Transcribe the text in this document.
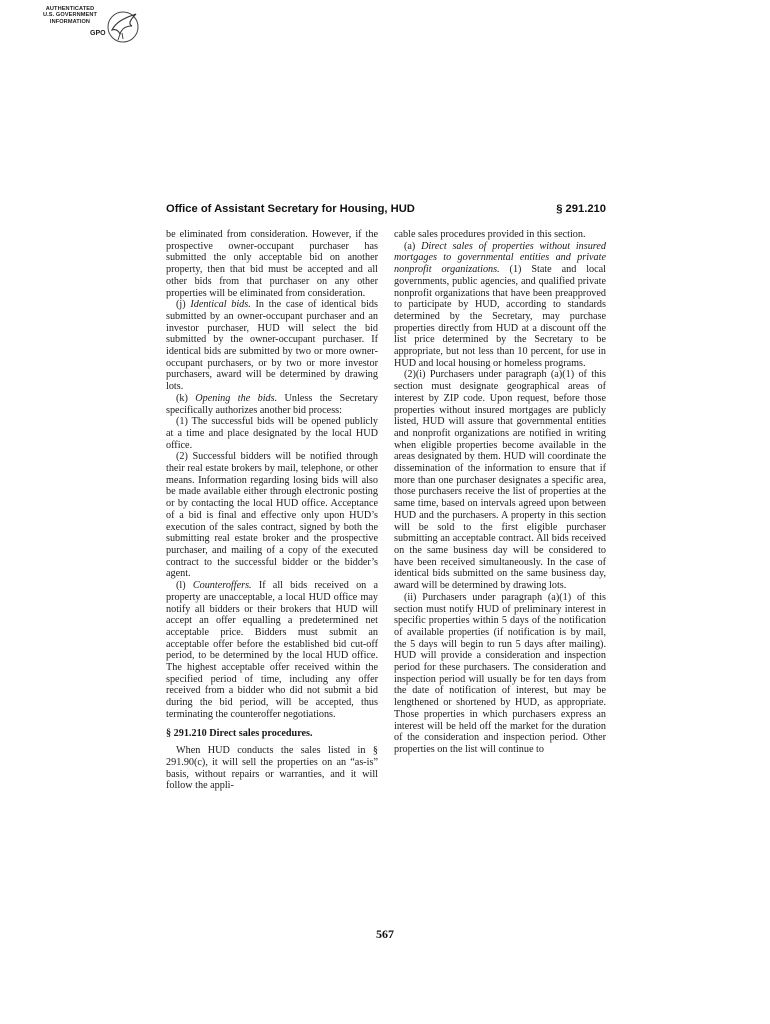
AUTHENTICATED
U.S. GOVERNMENT
INFORMATION
GPO
Office of Assistant Secretary for Housing, HUD	§ 291.210

be eliminated from consideration. However, if the prospective owner-occupant purchaser has submitted the only acceptable bid on another property, then that bid must be accepted and all other bids from that purchaser on any other properties will be eliminated from consideration.

(j) Identical bids. In the case of identical bids submitted by an owner-occupant purchaser and an investor purchaser, HUD will select the bid submitted by the owner-occupant purchaser. If identical bids are submitted by two or more owner-occupant purchasers, or by two or more investor purchasers, award will be determined by drawing lots.

(k) Opening the bids. Unless the Secretary specifically authorizes another bid process:

(1) The successful bids will be opened publicly at a time and place designated by the local HUD office.

(2) Successful bidders will be notified through their real estate brokers by mail, telephone, or other means. Information regarding losing bids will also be made available either through electronic posting or by contacting the local HUD office. Acceptance of a bid is final and effective only upon HUD’s execution of the sales contract, signed by both the submitting real estate broker and the prospective purchaser, and mailing of a copy of the executed contract to the successful bidder or the bidder’s agent.

(l) Counteroffers. If all bids received on a property are unacceptable, a local HUD office may notify all bidders or their brokers that HUD will accept an offer equalling a predetermined net acceptable price. Bidders must submit an acceptable offer before the established bid cut-off period, to be determined by the local HUD office. The highest acceptable offer received within the specified period of time, including any offer received from a bidder who did not submit a bid during the bid period, will be accepted, thus terminating the counteroffer negotiations.

§ 291.210 Direct sales procedures.

When HUD conducts the sales listed in § 291.90(c), it will sell the properties on an “as-is” basis, without repairs or warranties, and it will follow the appli-

cable sales procedures provided in this section.

(a) Direct sales of properties without insured mortgages to governmental entities and private nonprofit organizations. (1) State and local governments, public agencies, and qualified private nonprofit organizations that have been preapproved to participate by HUD, according to standards determined by the Secretary, may purchase properties directly from HUD at a discount off the list price determined by the Secretary to be appropriate, but not less than 10 percent, for use in HUD and local housing or homeless programs.

(2)(i) Purchasers under paragraph (a)(1) of this section must designate geographical areas of interest by ZIP code. Upon request, before those properties without insured mortgages are publicly listed, HUD will assure that governmental entities and nonprofit organizations are notified in writing when eligible properties become available in the areas designated by them. HUD will coordinate the dissemination of the information to ensure that if more than one purchaser designates a specific area, those purchasers receive the list of properties at the same time, based on intervals agreed upon between HUD and the purchasers. A property in this section will be sold to the first eligible purchaser submitting an acceptable contract. All bids received on the same business day will be considered to have been received simultaneously. In the case of identical bids submitted on the same business day, award will be determined by drawing lots.

(ii) Purchasers under paragraph (a)(1) of this section must notify HUD of preliminary interest in specific properties within 5 days of the notification of available properties (if notification is by mail, the 5 days will begin to run 5 days after mailing). HUD will provide a consideration and inspection period for these purchasers. The consideration and inspection period will usually be for ten days from the date of notification of interest, but may be lengthened or shortened by HUD, as appropriate. Those properties in which purchasers express an interest will be held off the market for the duration of the consideration and inspection period. Other properties on the list will continue to

567
